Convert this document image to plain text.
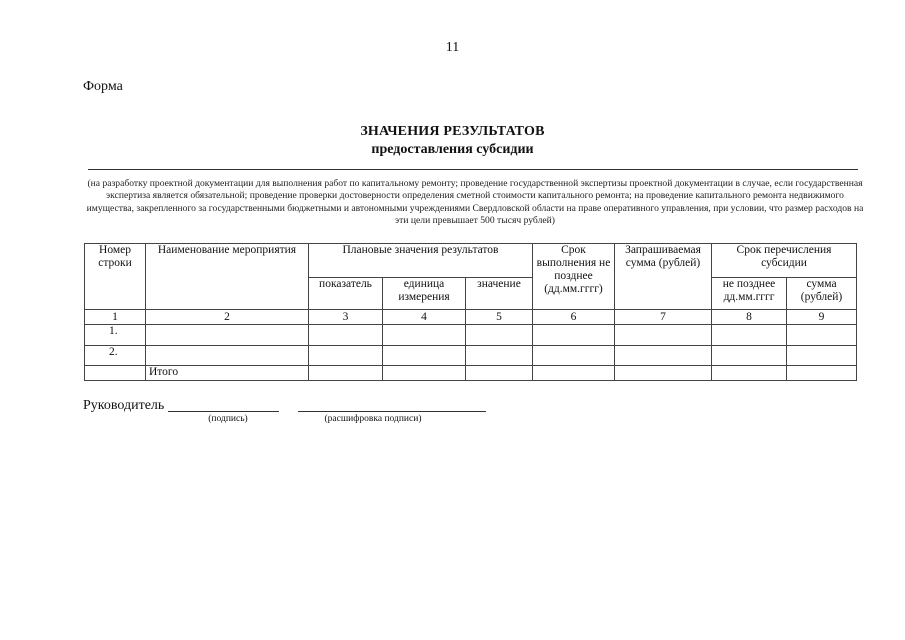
11
Форма
ЗНАЧЕНИЯ РЕЗУЛЬТАТОВ
предоставления субсидии
(на разработку проектной документации для выполнения работ по капитальному ремонту; проведение государственной экспертизы проектной документации в случае, если государственная экспертиза является обязательной; проведение проверки достоверности определения сметной стоимости капитального ремонта; на проведение капитального ремонта недвижимого имущества, закрепленного за государственными бюджетными и автономными учреждениями Свердловской области на праве оперативного управления, при условии, что размер расходов на эти цели превышает 500 тысяч рублей)
Номер строки	Наименование мероприятия	Плановые значения результатов			Срок выполнения не позднее (дд.мм.гггг)	Запрашиваемая сумма (рублей)	Срок перечисления субсидии	
		показатель	единица измерения	значение			не позднее дд.мм.гггг	сумма (рублей)
1	2	3	4	5	6	7	8	9
1.								
2.								
	Итого							
Руководитель
(подпись)	(расшифровка подписи)
